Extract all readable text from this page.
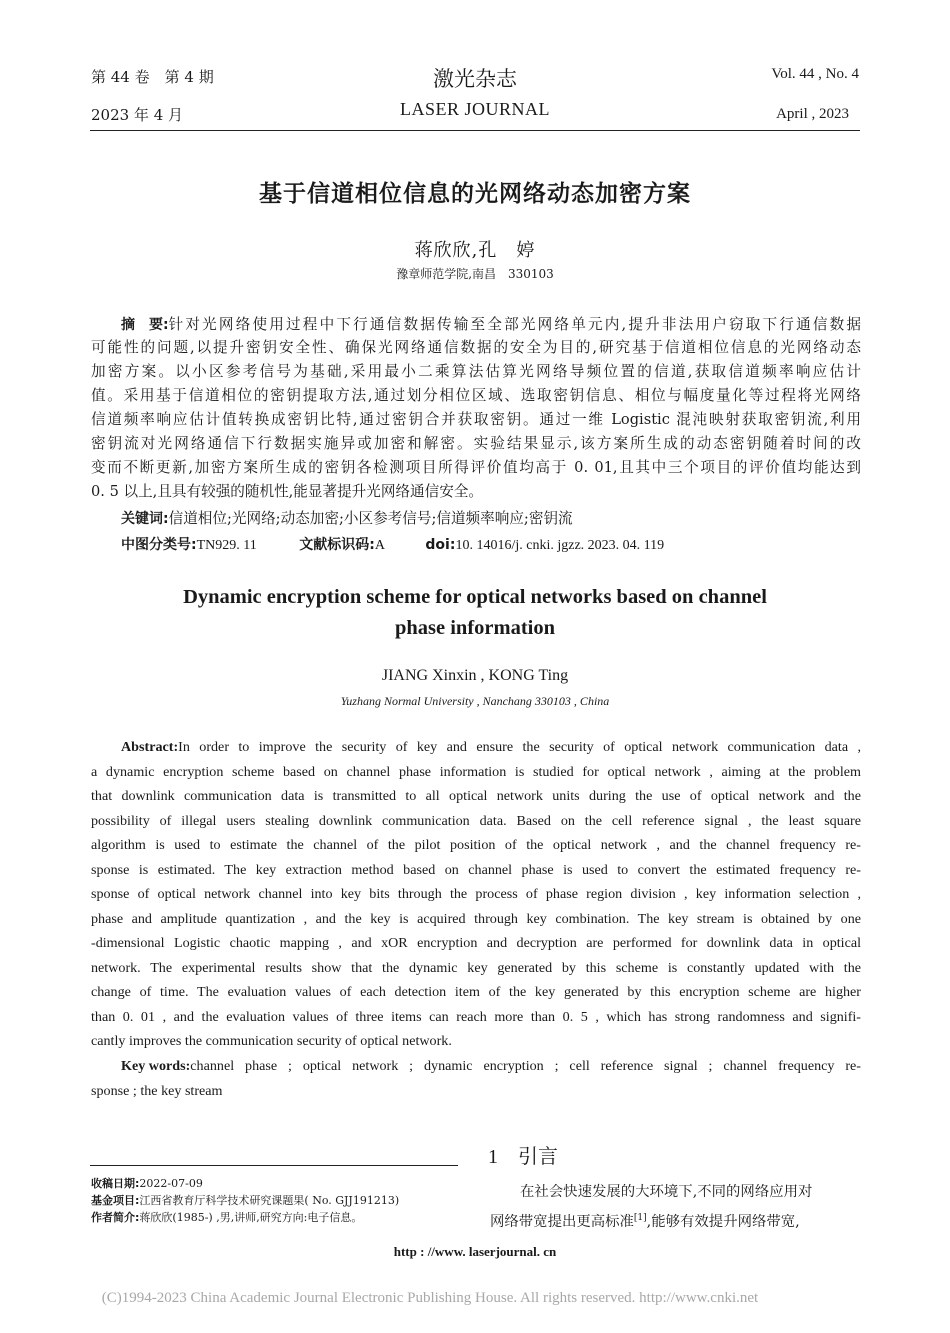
第 44 卷　第 4 期
2023 年 4 月
激光杂志
LASER JOURNAL
Vol. 44 , No. 4
April , 2023
基于信道相位信息的光网络动态加密方案
蒋欣欣,孔　婷
豫章师范学院,南昌　330103
摘　要: 针对光网络使用过程中下行通信数据传输至全部光网络单元内,提升非法用户窃取下行通信数据
可能性的问题,以提升密钥安全性、确保光网络通信数据的安全为目的,研究基于信道相位信息的光网络动态
加密方案。以小区参考信号为基础,采用最小二乘算法估算光网络导频位置的信道,获取信道频率响应估计
值。采用基于信道相位的密钥提取方法,通过划分相位区域、选取密钥信息、相位与幅度量化等过程将光网络
信道频率响应估计值转换成密钥比特,通过密钥合并获取密钥。通过一维 Logistic 混沌映射获取密钥流,利用
密钥流对光网络通信下行数据实施异或加密和解密。实验结果显示,该方案所生成的动态密钥随着时间的改
变而不断更新,加密方案所生成的密钥各检测项目所得评价值均高于 0. 01,且其中三个项目的评价值均能达到
0. 5 以上,且具有较强的随机性,能显著提升光网络通信安全。
关键词:信道相位;光网络;动态加密;小区参考信号;信道频率响应;密钥流
中图分类号:TN929. 11	文献标识码:A	doi:10. 14016/j. cnki. jgzz. 2023. 04. 119
Dynamic encryption scheme for optical networks based on channel
phase information
JIANG Xinxin , KONG Ting
Yuzhang Normal University , Nanchang 330103 , China
Abstract: In order to improve the security of key and ensure the security of optical network communication data ,
a dynamic encryption scheme based on channel phase information is studied for optical network , aiming at the problem
that downlink communication data is transmitted to all optical network units during the use of optical network and the
possibility of illegal users stealing downlink communication data. Based on the cell reference signal , the least square
algorithm is used to estimate the channel of the pilot position of the optical network , and the channel frequency re-
sponse is estimated. The key extraction method based on channel phase is used to convert the estimated frequency re-
sponse of optical network channel into key bits through the process of phase region division , key information selection ,
phase and amplitude quantization , and the key is acquired through key combination. The key stream is obtained by one
-dimensional Logistic chaotic mapping , and xOR encryption and decryption are performed for downlink data in optical
network. The experimental results show that the dynamic key generated by this scheme is constantly updated with the
change of time. The evaluation values of each detection item of the key generated by this encryption scheme are higher
than 0. 01 , and the evaluation values of three items can reach more than 0. 5 , which has strong randomness and signifi-
cantly improves the communication security of optical network.
Key words: channel phase ; optical network ; dynamic encryption ; cell reference signal ; channel frequency re-
sponse ; the key stream
收稿日期:2022-07-09
基金项目:江西省教育厅科学技术研究课题果( No. GJJ191213)
作者简介:蒋欣欣(1985-) ,男,讲师,研究方向:电子信息。
1 引言
在社会快速发展的大环境下,不同的网络应用对
网络带宽提出更高标准[1],能够有效提升网络带宽,
http : //www. laserjournal. cn
(C)1994-2023 China Academic Journal Electronic Publishing House. All rights reserved. http://www.cnki.net
